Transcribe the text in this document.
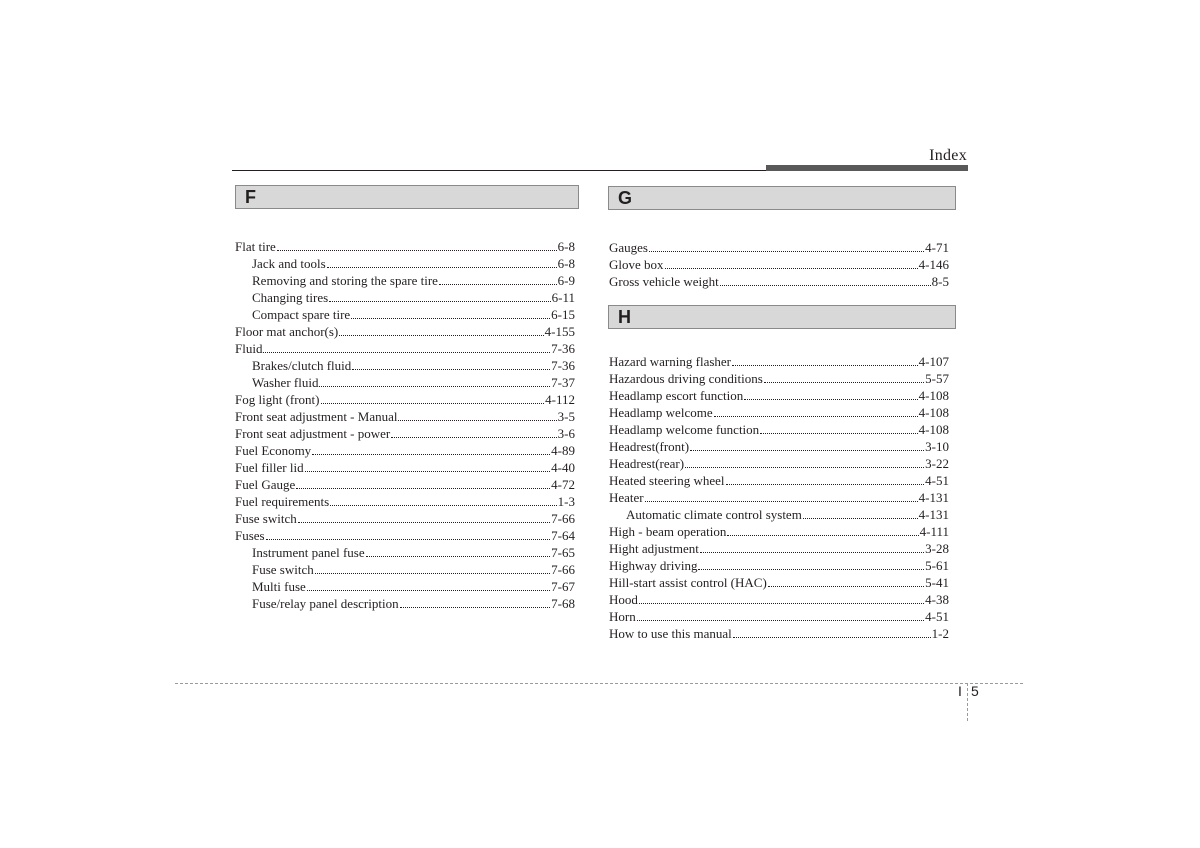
Index
F
Flat tire	6-8
Jack and tools	6-8
Removing and storing the spare tire	6-9
Changing tires	6-11
Compact spare tire	6-15
Floor mat anchor(s)	4-155
Fluid	7-36
Brakes/clutch fluid	7-36
Washer fluid	7-37
Fog light (front)	4-112
Front seat adjustment - Manual	3-5
Front seat adjustment - power	3-6
Fuel Economy	4-89
Fuel filler lid	4-40
Fuel Gauge	4-72
Fuel requirements	1-3
Fuse switch	7-66
Fuses	7-64
Instrument panel fuse	7-65
Fuse switch	7-66
Multi fuse	7-67
Fuse/relay panel description	7-68
G
Gauges	4-71
Glove box	4-146
Gross vehicle weight	8-5
H
Hazard warning flasher	4-107
Hazardous driving conditions	5-57
Headlamp escort function	4-108
Headlamp welcome	4-108
Headlamp welcome function	4-108
Headrest(front)	3-10
Headrest(rear)	3-22
Heated steering wheel	4-51
Heater	4-131
Automatic climate control system	4-131
High - beam operation	4-111
Hight adjustment	3-28
Highway driving	5-61
Hill-start assist control (HAC)	5-41
Hood	4-38
Horn	4-51
How to use this manual	1-2
I 5
